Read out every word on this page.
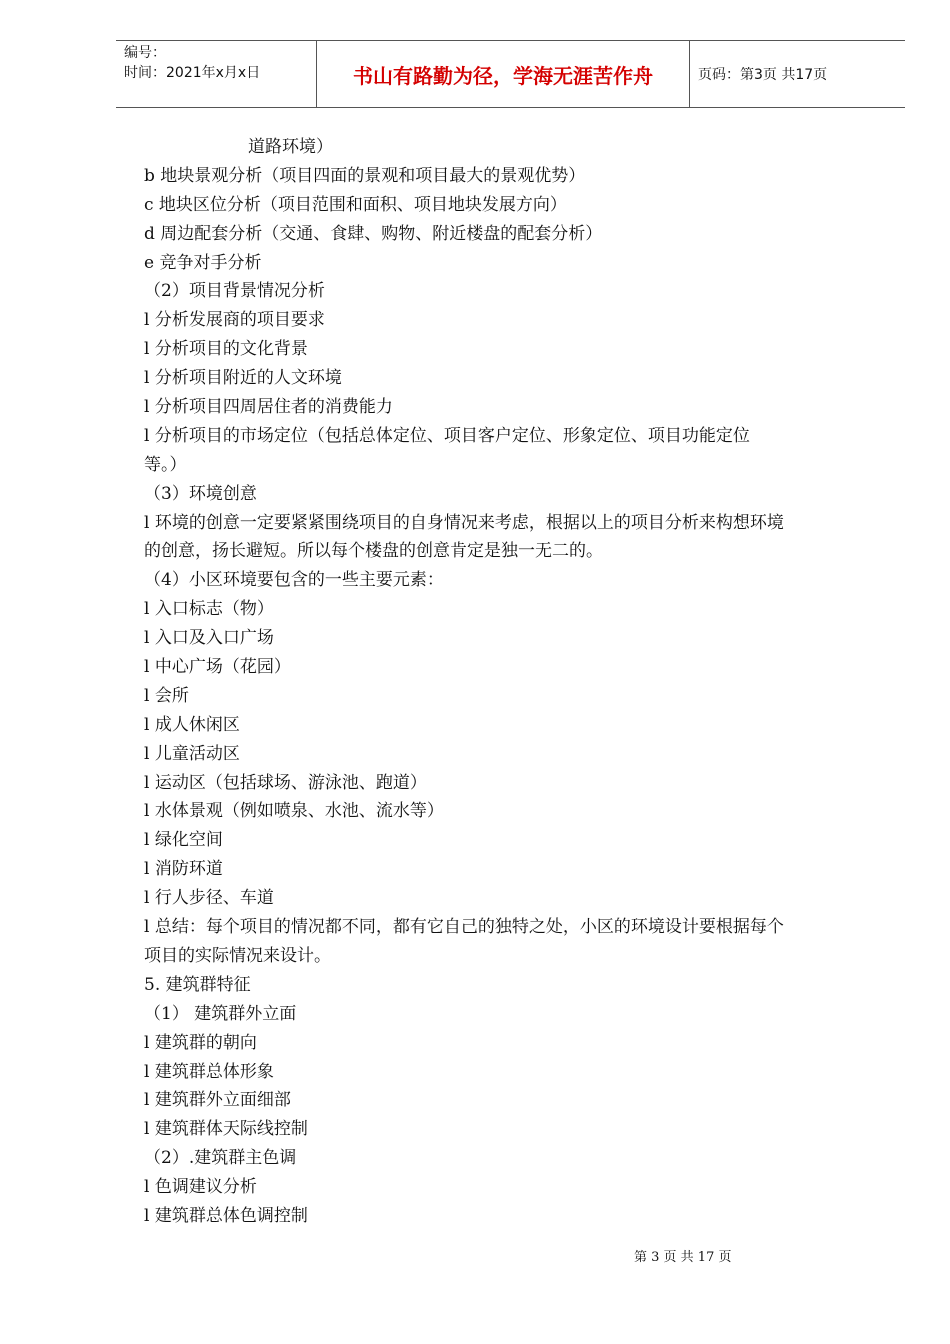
编号：
时间：2021年x月x日	书山有路勤为径，学海无涯苦作舟	页码：第3页 共17页
道路环境）
b 地块景观分析（项目四面的景观和项目最大的景观优势）
c 地块区位分析（项目范围和面积、项目地块发展方向）
d 周边配套分析（交通、食肆、购物、附近楼盘的配套分析）
e 竞争对手分析
（2）项目背景情况分析
l 分析发展商的项目要求
l 分析项目的文化背景
l 分析项目附近的人文环境
l 分析项目四周居住者的消费能力
l 分析项目的市场定位（包括总体定位、项目客户定位、形象定位、项目功能定位
等。）
（3）环境创意
l 环境的创意一定要紧紧围绕项目的自身情况来考虑，根据以上的项目分析来构想环境
的创意，扬长避短。所以每个楼盘的创意肯定是独一无二的。
（4）小区环境要包含的一些主要元素：
l 入口标志（物）
l 入口及入口广场
l 中心广场（花园）
l 会所
l 成人休闲区
l 儿童活动区
l 运动区（包括球场、游泳池、跑道）
l 水体景观（例如喷泉、水池、流水等）
l 绿化空间
l 消防环道
l 行人步径、车道
l 总结：每个项目的情况都不同，都有它自己的独特之处，小区的环境设计要根据每个
项目的实际情况来设计。
5. 建筑群特征
（1） 建筑群外立面
l 建筑群的朝向
l 建筑群总体形象
l 建筑群外立面细部
l 建筑群体天际线控制
（2）.建筑群主色调
l 色调建议分析
l 建筑群总体色调控制
第 3 页 共 17 页
